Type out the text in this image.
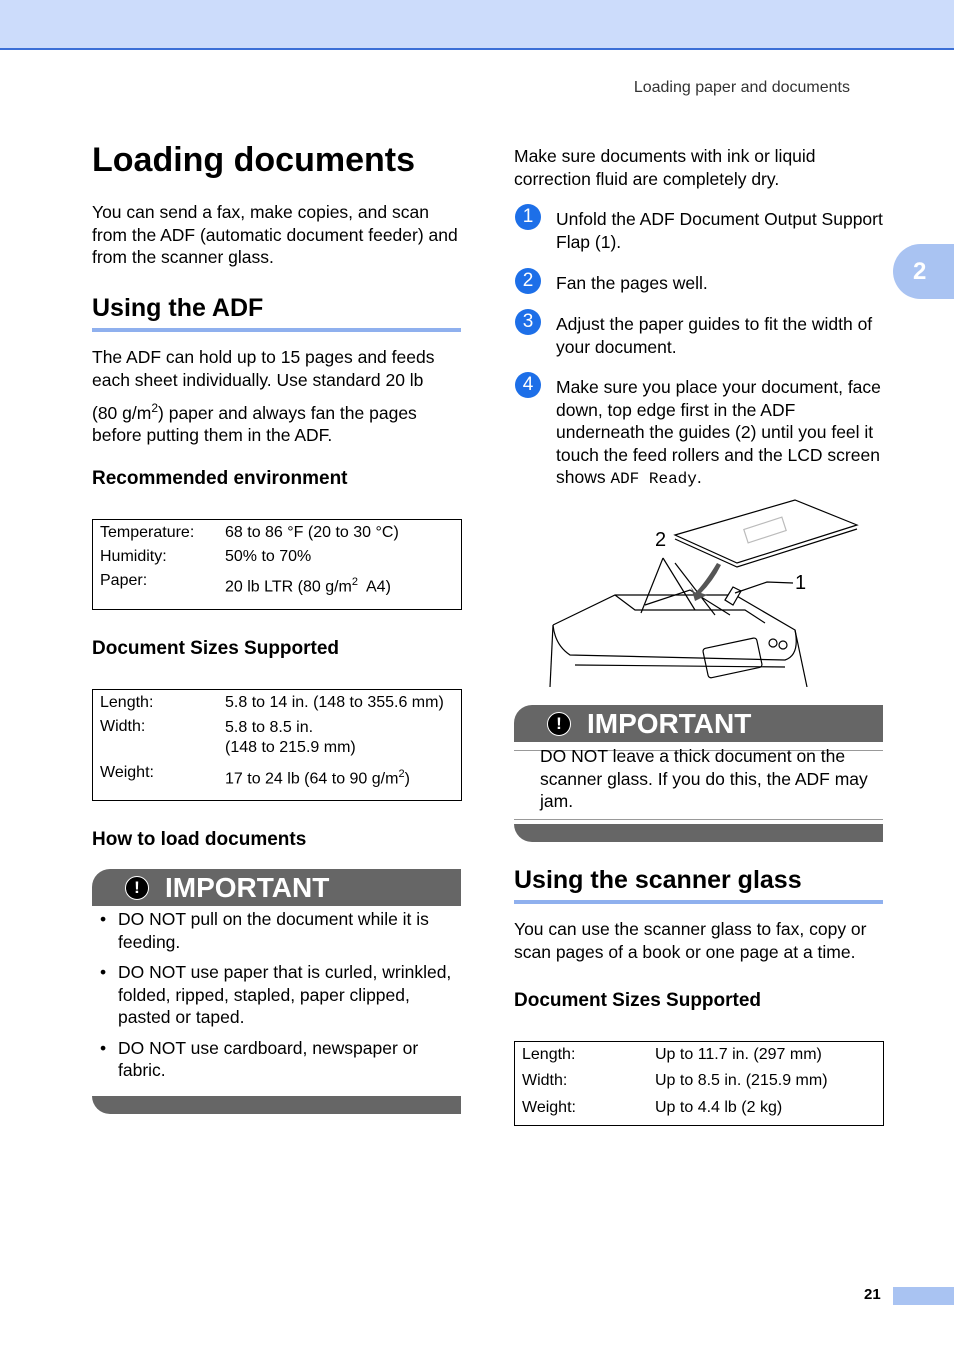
Loading paper and documents
2
Loading documents

You can send a fax, make copies, and scan from the ADF (automatic document feeder) and from the scanner glass.

Using the ADF

The ADF can hold up to 15 pages and feeds each sheet individually. Use standard 20 lb
(80 $g/m^2$) paper and always fan the pages
before putting them in the ADF.

Recommended environment
Temperature:	68 to 86 °F (20 to 30 °C)
Humidity:	50% to 70%
Paper:	20 lb LTR (80 $g/m^2$  A4)
Document Sizes Supported
Length:	5.8 to 14 in. (148 to 355.6 mm)
Width:	5.8 to 8.5 in.
(148 to 215.9 mm)
Weight:	17 to 24 lb (64 to 90 $g/m^2$)
How to load documents
! IMPORTANT
• DO NOT pull on the document while it is feeding.
• DO NOT use paper that is curled, wrinkled, folded, ripped, stapled, paper clipped, pasted or taped.
• DO NOT use cardboard, newspaper or fabric.

Make sure documents with ink or liquid correction fluid are completely dry.

1	Unfold the ADF Document Output Support Flap (1).
2	Fan the pages well.
3	Adjust the paper guides to fit the width of your document.
4	Make sure you place your document, face down, top edge first in the ADF underneath the guides (2) until you feel it touch the feed rollers and the LCD screen shows ADF Ready.
2
1
! IMPORTANT

DO NOT leave a thick document on the scanner glass. If you do this, the ADF may jam.

Using the scanner glass

You can use the scanner glass to fax, copy or scan pages of a book or one page at a time.

Document Sizes Supported
Length:	Up to 11.7 in. (297 mm)
Width:	Up to 8.5 in. (215.9 mm)
Weight:	Up to 4.4 lb (2 kg)
21
